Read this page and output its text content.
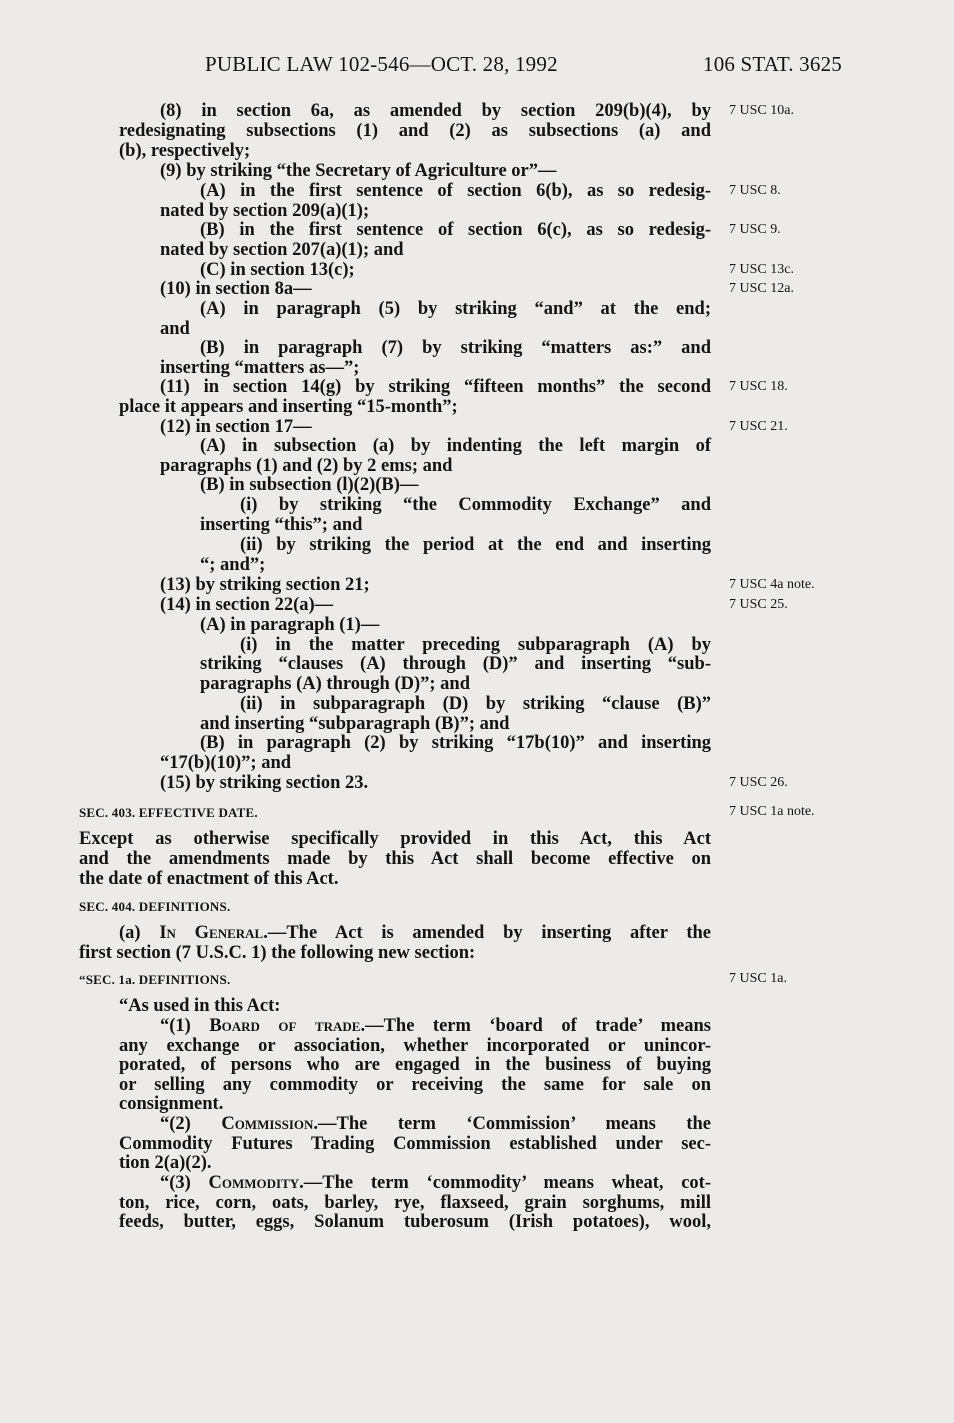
PUBLIC LAW 102-546—OCT. 28, 1992	106 STAT. 3625
(8) in section 6a, as amended by section 209(b)(4), by
redesignating subsections (1) and (2) as subsections (a) and
(b), respectively;
(9) by striking “the Secretary of Agriculture or”—
(A) in the first sentence of section 6(b), as so redesig-
nated by section 209(a)(1);
(B) in the first sentence of section 6(c), as so redesig-
nated by section 207(a)(1); and
(C) in section 13(c);
(10) in section 8a—
(A) in paragraph (5) by striking “and” at the end;
and
(B) in paragraph (7) by striking “matters as:” and
inserting “matters as—”;
(11) in section 14(g) by striking “fifteen months” the second
place it appears and inserting “15-month”;
(12) in section 17—
(A) in subsection (a) by indenting the left margin of
paragraphs (1) and (2) by 2 ems; and
(B) in subsection (l)(2)(B)—
(i) by striking “the Commodity Exchange” and
inserting “this”; and
(ii) by striking the period at the end and inserting
“; and”;
(13) by striking section 21;
(14) in section 22(a)—
(A) in paragraph (1)—
(i) in the matter preceding subparagraph (A) by
striking “clauses (A) through (D)” and inserting “sub-
paragraphs (A) through (D)”; and
(ii) in subparagraph (D) by striking “clause (B)”
and inserting “subparagraph (B)”; and
(B) in paragraph (2) by striking “17b(10)” and inserting
“17(b)(10)”; and
(15) by striking section 23.
SEC. 403. EFFECTIVE DATE.
Except as otherwise specifically provided in this Act, this Act
and the amendments made by this Act shall become effective on
the date of enactment of this Act.
SEC. 404. DEFINITIONS.
(a) In General.—The Act is amended by inserting after the
first section (7 U.S.C. 1) the following new section:
“SEC. 1a. DEFINITIONS.
“As used in this Act:
“(1) Board of trade.—The term ‘board of trade’ means
any exchange or association, whether incorporated or unincor-
porated, of persons who are engaged in the business of buying
or selling any commodity or receiving the same for sale on
consignment.
“(2) Commission.—The term ‘Commission’ means the
Commodity Futures Trading Commission established under sec-
tion 2(a)(2).
“(3) Commodity.—The term ‘commodity’ means wheat, cot-
ton, rice, corn, oats, barley, rye, flaxseed, grain sorghums, mill
feeds, butter, eggs, Solanum tuberosum (Irish potatoes), wool,
7 USC 10a.
7 USC 8.
7 USC 9.
7 USC 13c.
7 USC 12a.
7 USC 18.
7 USC 21.
7 USC 4a note.
7 USC 25.
7 USC 26.
7 USC 1a note.
7 USC 1a.
